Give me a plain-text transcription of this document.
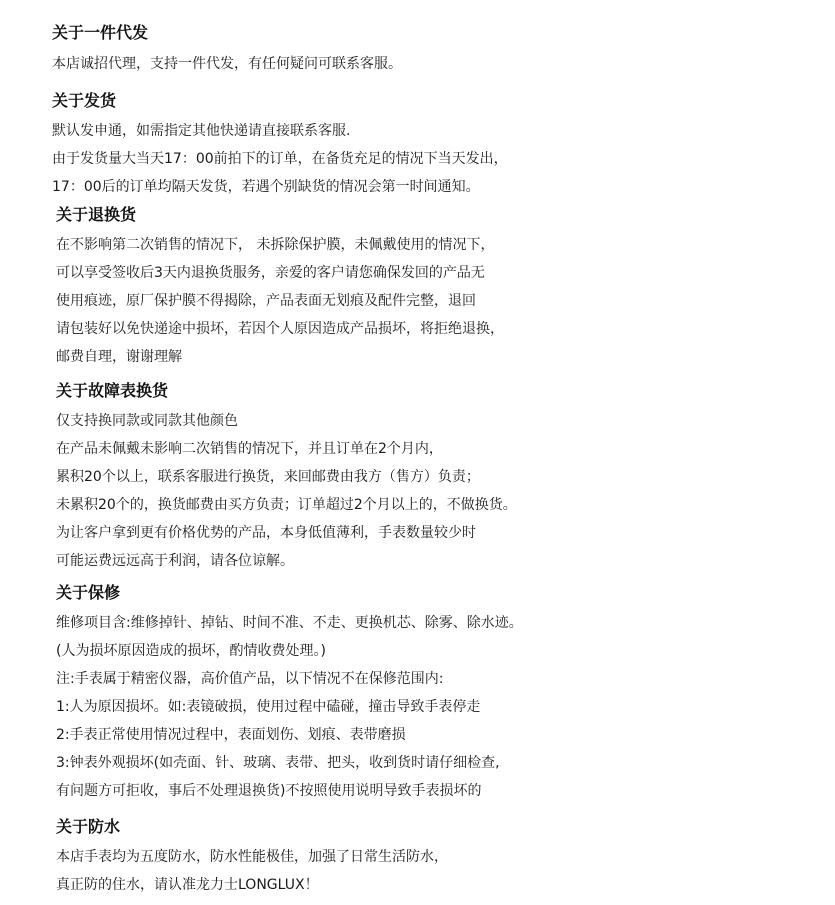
关于一件代发

本店诚招代理，支持一件代发，有任何疑问可联系客服。

关于发货

默认发申通，如需指定其他快递请直接联系客服.

由于发货量大当天17：00前拍下的订单，在备货充足的情况下当天发出，

17：00后的订单均隔天发货，若遇个别缺货的情况会第一时间通知。

关于退换货

在不影响第二次销售的情况下， 未拆除保护膜，未佩戴使用的情况下，

可以享受签收后3天内退换货服务，亲爱的客户请您确保发回的产品无

使用痕迹，原厂保护膜不得揭除，产品表面无划痕及配件完整，退回

请包装好以免快递途中损坏，若因个人原因造成产品损坏，将拒绝退换，

邮费自理，谢谢理解

关于故障表换货

仅支持换同款或同款其他颜色

在产品未佩戴未影响二次销售的情况下，并且订单在2个月内，

累积20个以上，联系客服进行换货，来回邮费由我方（售方）负责；

未累积20个的，换货邮费由买方负责；订单超过2个月以上的，不做换货。

为让客户拿到更有价格优势的产品，本身低值薄利，手表数量较少时

可能运费远远高于利润，请各位谅解。

关于保修

维修项目含:维修掉针、掉钻、时间不准、不走、更换机芯、除雾、除水迹。

(人为损坏原因造成的损坏，酌情收费处理。)

注:手表属于精密仪器，高价值产品，以下情况不在保修范围内:

1:人为原因损坏。如:表镜破损，使用过程中磕碰，撞击导致手表停走

2:手表正常使用情况过程中，表面划伤、划痕、表带磨损

3:钟表外观损坏(如壳面、针、玻璃、表带、把头，收到货时请仔细检查,

有问题方可拒收，事后不处理退换货)不按照使用说明导致手表损坏的

关于防水

本店手表均为五度防水，防水性能极佳，加强了日常生活防水，

真正防的住水，请认准龙力士LONGLUX！
